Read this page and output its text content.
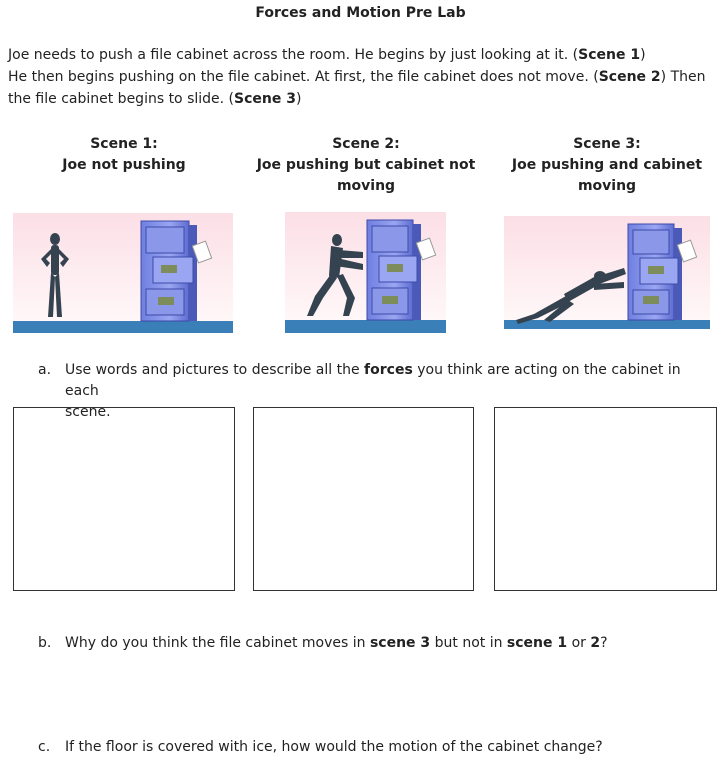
Forces and Motion Pre Lab
Joe needs to push a file cabinet across the room. He begins by just looking at it. (Scene 1)
He then begins pushing on the file cabinet. At first, the file cabinet does not move. (Scene 2) Then
the file cabinet begins to slide. (Scene 3)
Scene 1:
Joe not pushing
Scene 2:
Joe pushing but cabinet not
moving
Scene 3:
Joe pushing and cabinet
moving
a. Use words and pictures to describe all the forces you think are acting on the cabinet in each
scene.
b. Why do you think the file cabinet moves in scene 3 but not in scene 1 or 2?
c. If the floor is covered with ice, how would the motion of the cabinet change?
